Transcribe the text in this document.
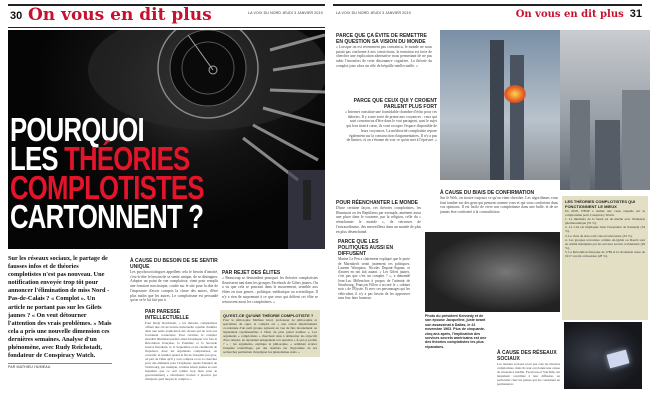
30 On vous en dit plus	LA VOIX DU NORD JEUDI 3 JANVIER 2019
POURQUOI
LES THÉORIES
COMPLOTISTES
CARTONNENT ?
Sur les réseaux sociaux, le partage de fausses infos et de théories complotistes n'est pas nouveau. Une notification envoyée trop tôt pour annoncer l'élimination de miss Nord - Pas-de-Calais ? « Complot ». Un article ne portant pas sur les Gilets jaunes ? « On veut détourner l'attention des vrais problèmes. » Mais cela a pris une nouvelle dimension ces dernières semaines. Analyse d'un phénomène, avec Rudy Reichstadt, fondateur de Conspiracy Watch.
PAR MATHIEU HUMEAU
À CAUSE DU BESOIN DE SE SENTIR UNIQUE
Les psychosociologues appellent cela le besoin d'unicité, c'est-à-dire le besoin de se sentir unique, de se distinguer. Adopter un point de vue complotiste, vient pour remplir une fonction narcissique, confie sur le site pour la dite de l'imposture d'avoir compris la chose des autres, d'être plus malin que les autres. Le complotisme est persuadé qu'on se le lui fait pas à.
PAR PARESSE INTELLECTUELLE
Pour Rudy Reichstadt, « les théories complotistes offrent une clé de lecture universelle capable d'unifier dans une seule explication des choses qui ne sont pas forcément connectées. Pour certains, le complot mondial illuminati permet ainsi d'expliquer à la fois la Révolution française, la Première et la Seconde Guerre mondiale, le 11 Septembre et les chemtrails de Napoléon. Avec les arguments complotistes, on convainc le résultat quand la fin de l'enquête (en gros, on part de l'idée qu'il y a un complot et on va chercher pour des éléments pour l'expliquer. Après l'attentat de Strasbourg, par exemple, certains Gilets jaunes se sont inquiétés que ce soit tombé trop bien pour le gouvernement) « chercheurs trouver à prouver par n'importe quel moyen le complot. »
PAR REJET DES ÉLITES
« Beaucoup se demandent pourquoi les théories complotistes fleurissent tant dans les groupes Facebook de Gilets jaunes. On a vu que cela se poursuit dans le mouvement, sensible aux élites en tous genres : politique, médiatique ou scientifique. Il n'y a rien de surprenant à ce que ceux qui défient cet élite se retrouvent aussi les complotistes. »
QU'EST-CE QU'UNE THÉORIE COMPLOTISTE ?
Pour le philosophe Mathieu Girel, professeur de philosophie et spécialiste du sujet, le complot est « une action implicitement coordonnée d'un petit groupe agissant en vue de fins moralement ou légalement répréhensibles à l'insu du plus grand nombre ». Les arguments « complotistes » cherchent dans à démontrer les objectifs d'un complot, en répondant uniquement à la question « À qui ça profite ? » ; les arguments, explique le philosophe, « semblent écarter l'enquête scientifique, par des résultats sur l'hypothèse de ses recherches permettant d'expliquer les phénomènes réels. »
LA VOIX DU NORD JEUDI 3 JANVIER 2019	On vous en dit plus 31
PARCE QUE ÇA ÉVITE DE REMETTRE EN QUESTION SA VISION DU MONDE
« Lorsque on est récemment pas convaincu, le monde ne nous parait pas conforme à nos convictions, la tentation est forte de chercher une explication alternative nous permettant de ne pas subir l'inconfort de cette dissonance cognitive. La théorie du complot joue alors un rôle de béquille intellectuelle. »
PARCE QUE CEUX QUI Y CROIENT PARLENT PLUS FORT
« Internet constitue une formidable chambre d'écho pour ces théories. Il y a une sorte de prime aux croyances : ceux qui sont convaincus d'être dans le vrai partagent, sont le sujet qui leur tient à cœur, ils vont occuper l'espace disponible de leurs croyances. La médiocrité complotiste repose également sur la construction d'argumentaires. Il n'y a pas de limites, et on s'étonne de voir ce qu'on met à l'épreuve. »
POUR RÉENCHANTER LE MONDE
D'une certaine façon, ces théories complotistes, les Illuminati ou les Reptiliens par exemple, amènent aussi une place dans le vacarme, par la religion, celle du « réenchanter le monde », de retrouver de l'extraordinaire, des merveilleux dans un monde de plus en plus désenchanté.
PARCE QUE LES POLITIQUES AUSSI EN DIFFUSENT
Marine Le Pen a clairement expliqué que le porte de Marrakech serait justement ces politiques, Laurent Wauquiez, Nicolas Dupont-Aignan, et d'autres en ont fait autant. « Les Gilets jaunes, c'est pas que c'est un complot ? », a demandé Jean-Luc Mélenchon à propos de l'attentat de Strasbourg. François Fillon a accusé le « cabinet noir » de l'Élysée. Et avec ces personnages qui les véhiculent, il n'y a pas besoin de les approuver sans leur faire honneur.
À CAUSE DU BIAIS DE CONFIRMATION
Sur le Web, on trouve toujours ce qu'on vient chercher. Les algorithmes vous font tomber sur des gens qui pensent comme vous et qui vous confortent dans vos opinions. Il est facile de vivre son complotisme dans une bulle, et de ne jamais être confronté à la contradiction.
Photo du président Kennedy et de son épouse Jacqueline, juste avant son assassinat à Dallas, le 22 novembre 1963. Plus de cinquante-cinq ans après, l'implication des services secrets américains est une des théories complotistes les plus répandues.
LES THÉORIES COMPLOTISTES QUI FONCTIONNENT LE MIEUX
En 2018, l'IFOP a réalisé une vaste enquête sur le complotisme pour Conspiracy Watch.
1. Le ministère de la Santé est de mèche avec l'industrie pharmaceutique (55 %).
2. La CIA est impliquée dans l'assassinat de Kennedy (54 %).
3. Le virus du sida a été créé en laboratoire (32 %).
4. Les groupes terroristes comme Al-Qaïda ou Daech sont en réalité manipulés par les services secrets occidentaux (29 %).
5. La Révolution française de 1789 et la révolution russe de 1917 ont été orchestrées (28 %).
À CAUSE DES RÉSEAUX SOCIAUX
Les réseaux sociaux n'ont pas créé les théories complotistes, mais ils leur ont donné une caisse de résonance inédite. Facebook et YouTube ont largement contribué à leur diffusion, en particulier chez les jeunes qui les consultent en permanence.
